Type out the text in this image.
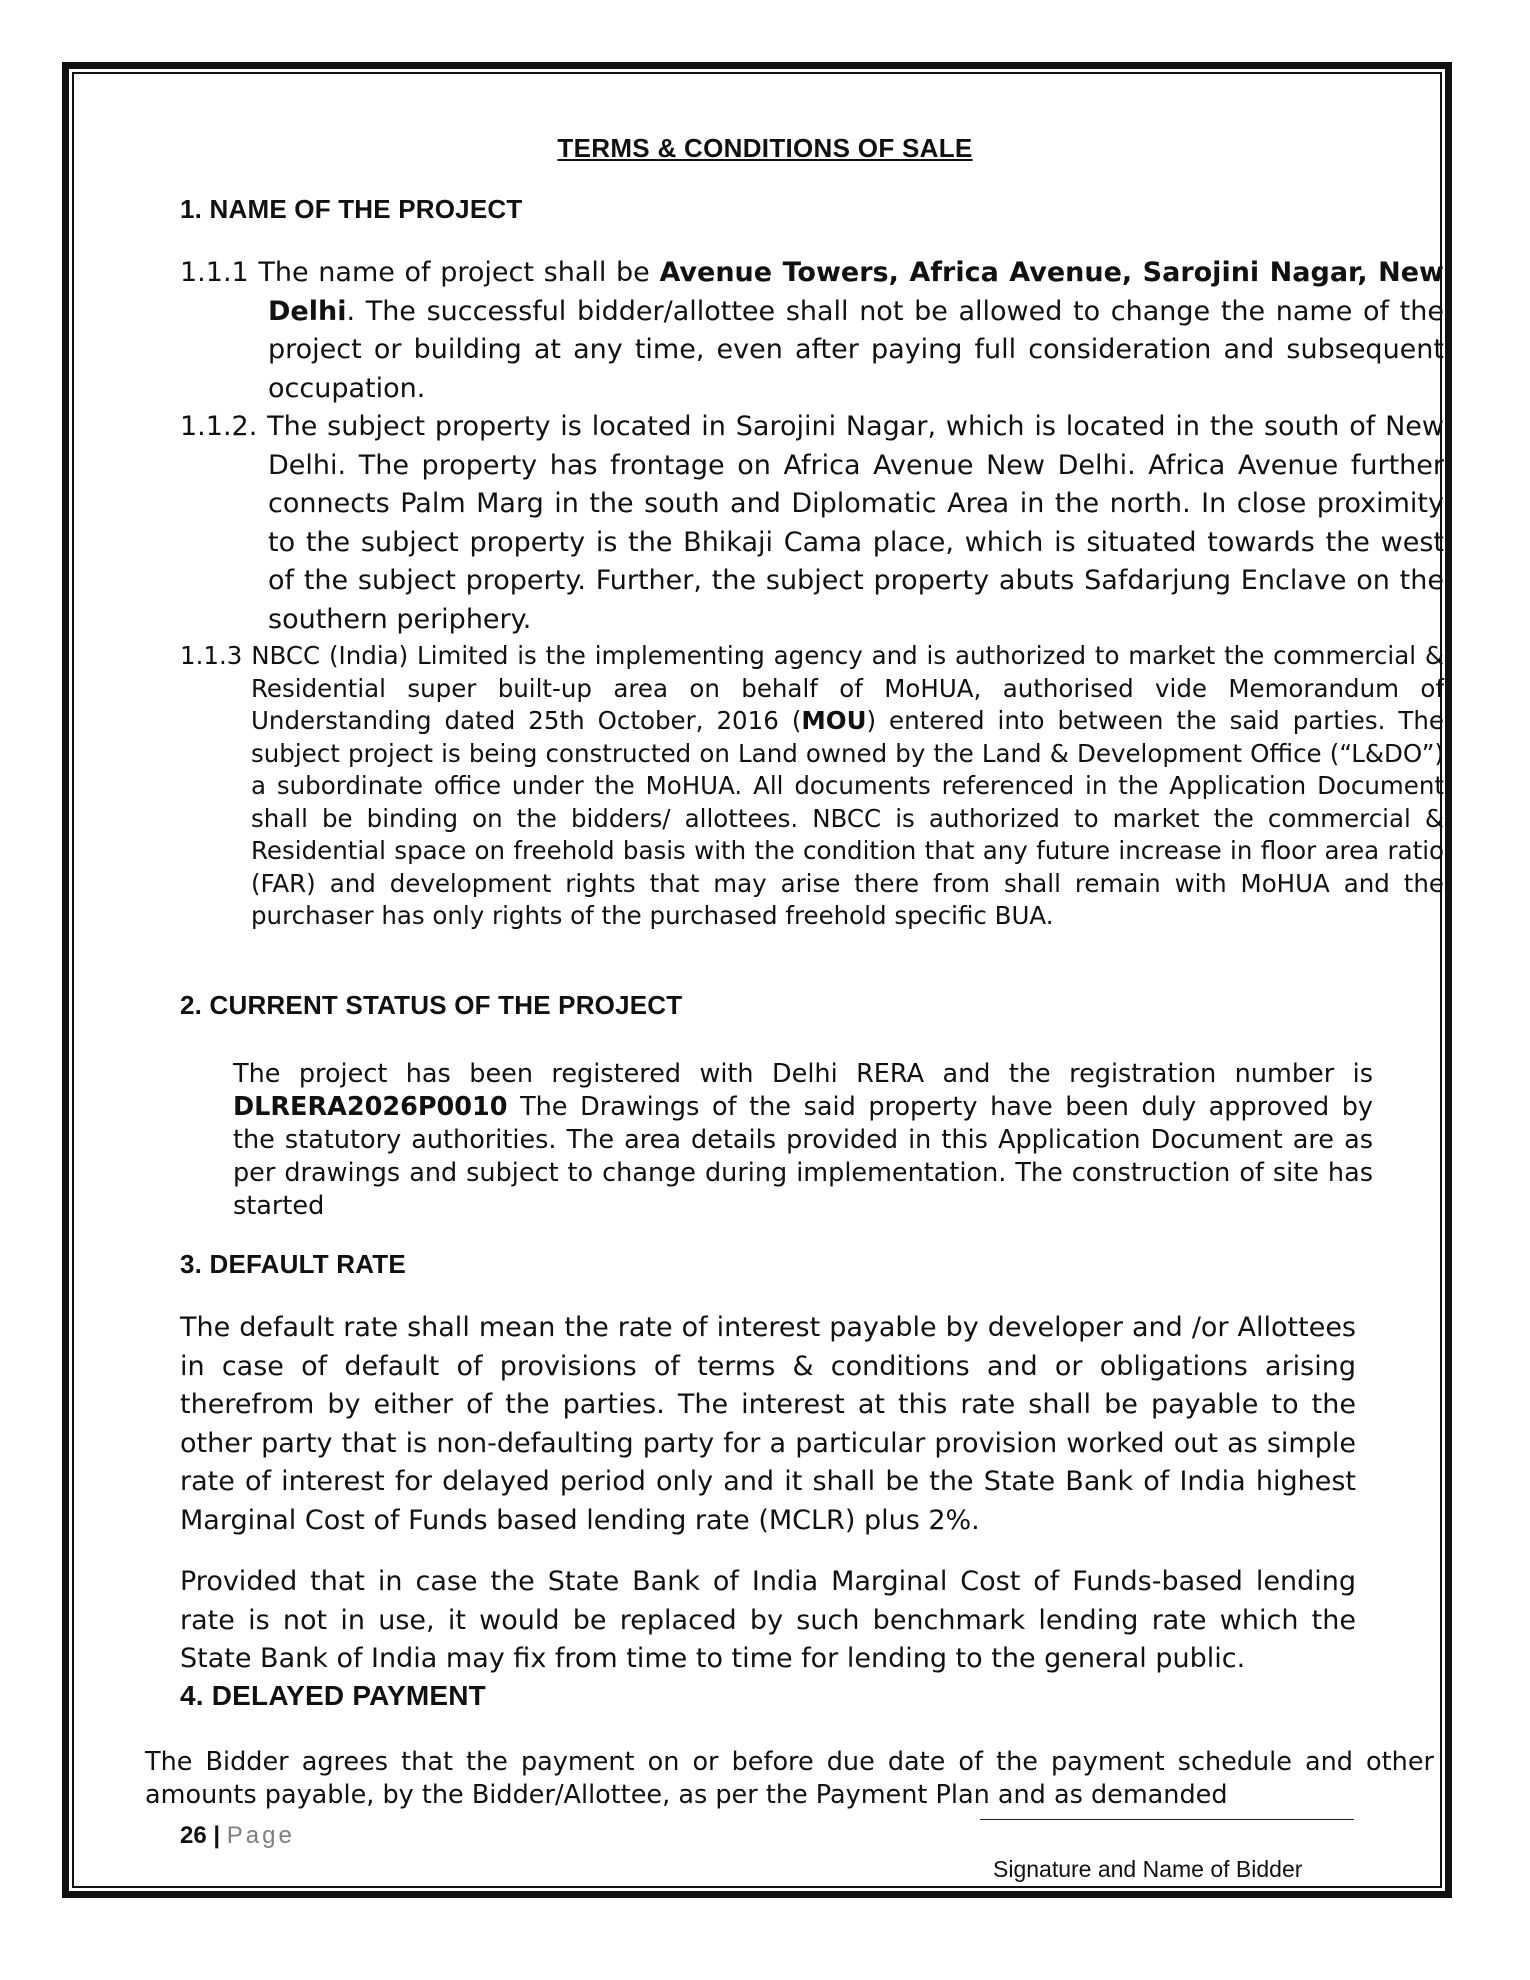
TERMS & CONDITIONS OF SALE
1. NAME OF THE PROJECT
1.1.1 The name of project shall be Avenue Towers, Africa Avenue, Sarojini Nagar, New Delhi. The successful bidder/allottee shall not be allowed to change the name of the project or building at any time, even after paying full consideration and subsequent occupation.
1.1.2. The subject property is located in Sarojini Nagar, which is located in the south of New Delhi. The property has frontage on Africa Avenue New Delhi. Africa Avenue further connects Palm Marg in the south and Diplomatic Area in the north. In close proximity to the subject property is the Bhikaji Cama place, which is situated towards the west of the subject property. Further, the subject property abuts Safdarjung Enclave on the southern periphery.
1.1.3 NBCC (India) Limited is the implementing agency and is authorized to market the commercial & Residential super built-up area on behalf of MoHUA, authorised vide Memorandum of Understanding dated 25th October, 2016 (MOU) entered into between the said parties. The subject project is being constructed on Land owned by the Land & Development Office (“L&DO”) a subordinate office under the MoHUA. All documents referenced in the Application Document shall be binding on the bidders/ allottees. NBCC is authorized to market the commercial & Residential space on freehold basis with the condition that any future increase in floor area ratio (FAR) and development rights that may arise there from shall remain with MoHUA and the purchaser has only rights of the purchased freehold specific BUA.
2. CURRENT STATUS OF THE PROJECT
The project has been registered with Delhi RERA and the registration number is DLRERA2026P0010 The Drawings of the said property have been duly approved by the statutory authorities. The area details provided in this Application Document are as per drawings and subject to change during implementation. The construction of site has started
3. DEFAULT RATE
The default rate shall mean the rate of interest payable by developer and /or Allottees in case of default of provisions of terms & conditions and or obligations arising therefrom by either of the parties. The interest at this rate shall be payable to the other party that is non-defaulting party for a particular provision worked out as simple rate of interest for delayed period only and it shall be the State Bank of India highest Marginal Cost of Funds based lending rate (MCLR) plus 2%.
Provided that in case the State Bank of India Marginal Cost of Funds-based lending rate is not in use, it would be replaced by such benchmark lending rate which the State Bank of India may fix from time to time for lending to the general public.
4. DELAYED PAYMENT
The Bidder agrees that the payment on or before due date of the payment schedule and other amounts payable, by the Bidder/Allottee, as per the Payment Plan and as demanded
26 | Page
Signature and Name of Bidder
